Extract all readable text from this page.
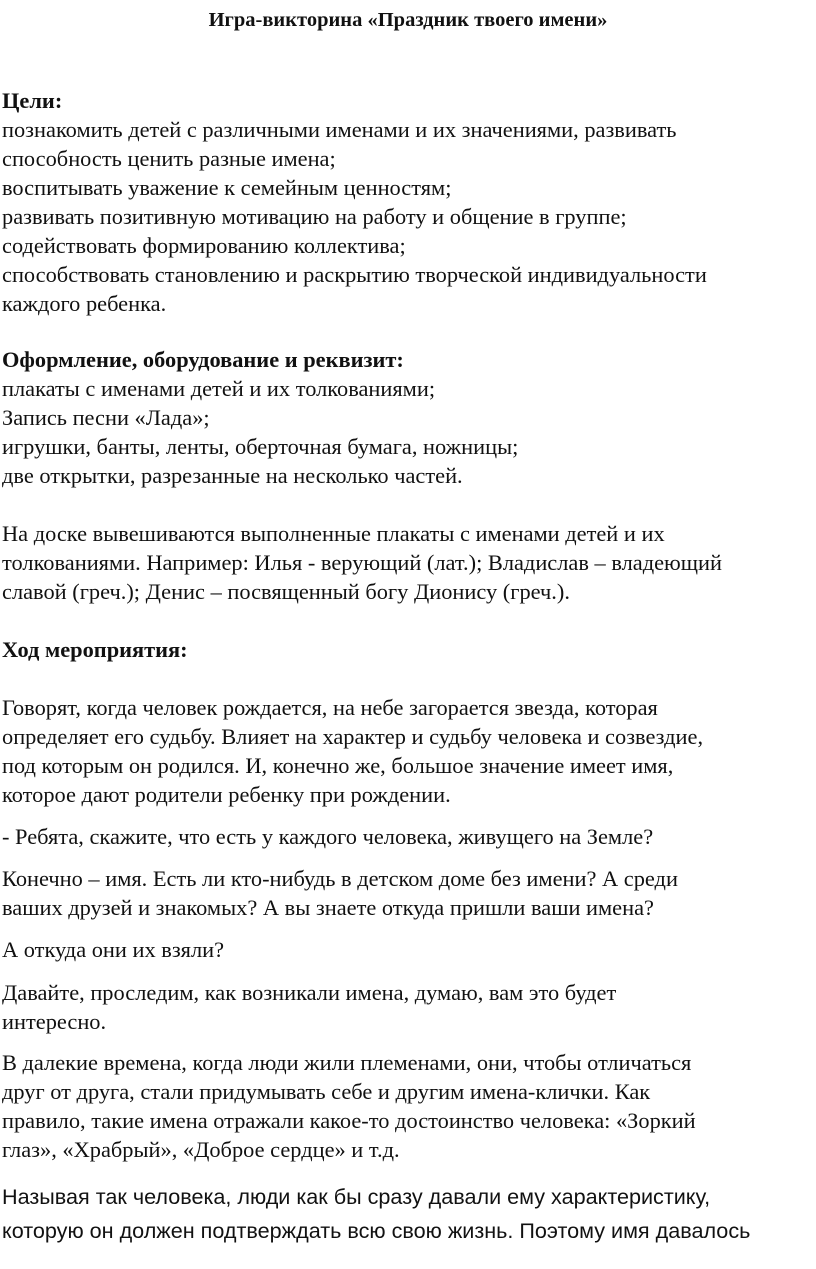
Игра-викторина «Праздник твоего имени»
Цели:
познакомить детей с различными именами и их значениями, развивать
способность ценить разные имена;
воспитывать уважение к семейным ценностям;
развивать позитивную мотивацию на работу и общение в группе;
содействовать формированию коллектива;
способствовать становлению и раскрытию творческой индивидуальности
каждого ребенка.
Оформление, оборудование и реквизит:
плакаты с именами детей и их толкованиями;
Запись песни «Лада»;
игрушки, банты, ленты, оберточная бумага, ножницы;
две открытки, разрезанные на несколько частей.
На доске вывешиваются выполненные плакаты с именами детей и их
толкованиями. Например: Илья - верующий (лат.); Владислав – владеющий
славой (греч.); Денис – посвященный богу Дионису (греч.).
Ход мероприятия:
Говорят, когда человек рождается, на небе загорается звезда, которая
определяет его судьбу. Влияет на характер и судьбу человека и созвездие,
под которым он родился. И, конечно же, большое значение имеет имя,
которое дают родители ребенку при рождении.
- Ребята, скажите, что есть у каждого человека, живущего на Земле?
Конечно – имя. Есть ли кто-нибудь в детском доме без имени? А среди
ваших друзей и знакомых? А вы знаете откуда пришли ваши имена?
А откуда они их взяли?
Давайте, проследим, как возникали имена, думаю, вам это будет
интересно.
В далекие времена, когда люди жили племенами, они, чтобы отличаться
друг от друга, стали придумывать себе и другим имена-клички. Как
правило, такие имена отражали какое-то достоинство человека: «Зоркий
глаз», «Храбрый», «Доброе сердце» и т.д.
Называя так человека, люди как бы сразу давали ему характеристику,
которую он должен подтверждать всю свою жизнь. Поэтому имя давалось
